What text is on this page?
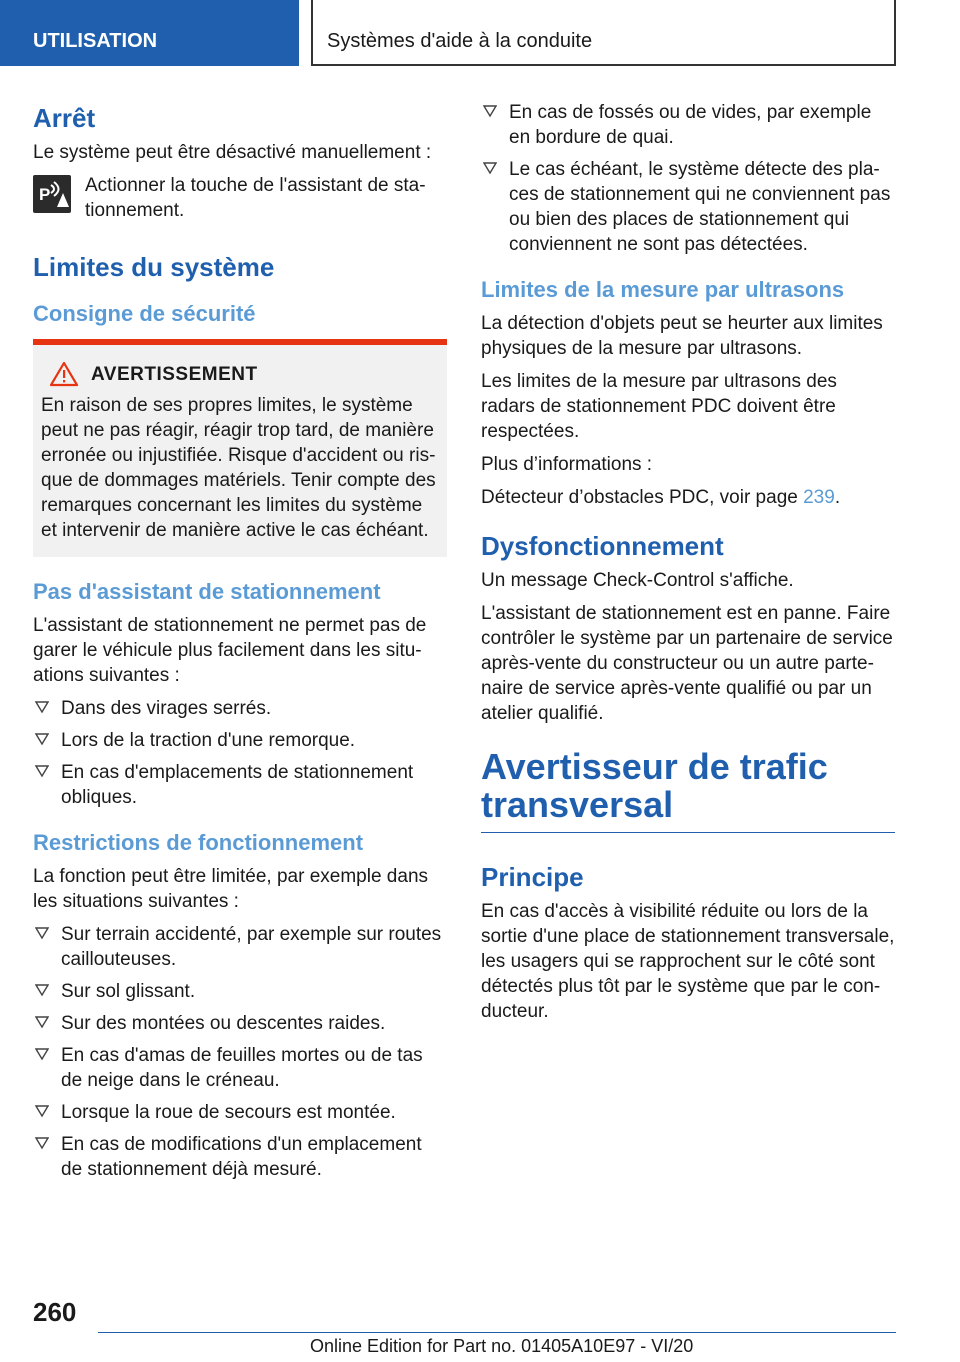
UTILISATION	Systèmes d'aide à la conduite
Arrêt

Le système peut être désactivé manuellement :

P Actionner la touche de l'assistant de sta-tionnement.
Limites du système
Consigne de sécurité
AVERTISSEMENT
En raison de ses propres limites, le système peut ne pas réagir, réagir trop tard, de manière erronée ou injustifiée. Risque d'accident ou ris-que de dommages matériels. Tenir compte des remarques concernant les limites du système et intervenir de manière active le cas échéant.
Pas d'assistant de stationnement

L'assistant de stationnement ne permet pas de garer le véhicule plus facilement dans les situ-ations suivantes :

Dans des virages serrés.
Lors de la traction d'une remorque.
En cas d'emplacements de stationnement obliques.
Restrictions de fonctionnement

La fonction peut être limitée, par exemple dans les situations suivantes :

Sur terrain accidenté, par exemple sur routes caillouteuses.
Sur sol glissant.
Sur des montées ou descentes raides.
En cas d'amas de feuilles mortes ou de tas de neige dans le créneau.
Lorsque la roue de secours est montée.
En cas de modifications d'un emplacement de stationnement déjà mesuré.
En cas de fossés ou de vides, par exemple en bordure de quai.
Le cas échéant, le système détecte des pla-ces de stationnement qui ne conviennent pas ou bien des places de stationnement qui conviennent ne sont pas détectées.
Limites de la mesure par ultrasons

La détection d'objets peut se heurter aux limites physiques de la mesure par ultrasons.

Les limites de la mesure par ultrasons des radars de stationnement PDC doivent être respectées.

Plus d’informations :

Détecteur d’obstacles PDC, voir page 239.

Dysfonctionnement

Un message Check-Control s'affiche.

L'assistant de stationnement est en panne. Faire contrôler le système par un partenaire de service après-vente du constructeur ou un autre parte-naire de service après-vente qualifié ou par un atelier qualifié.

Avertisseur de trafic transversal
Principe

En cas d'accès à visibilité réduite ou lors de la sortie d'une place de stationnement transversale, les usagers qui se rapprochent sur le côté sont détectés plus tôt par le système que par le con-ducteur.

260
Online Edition for Part no. 01405A10E97 - VI/20
